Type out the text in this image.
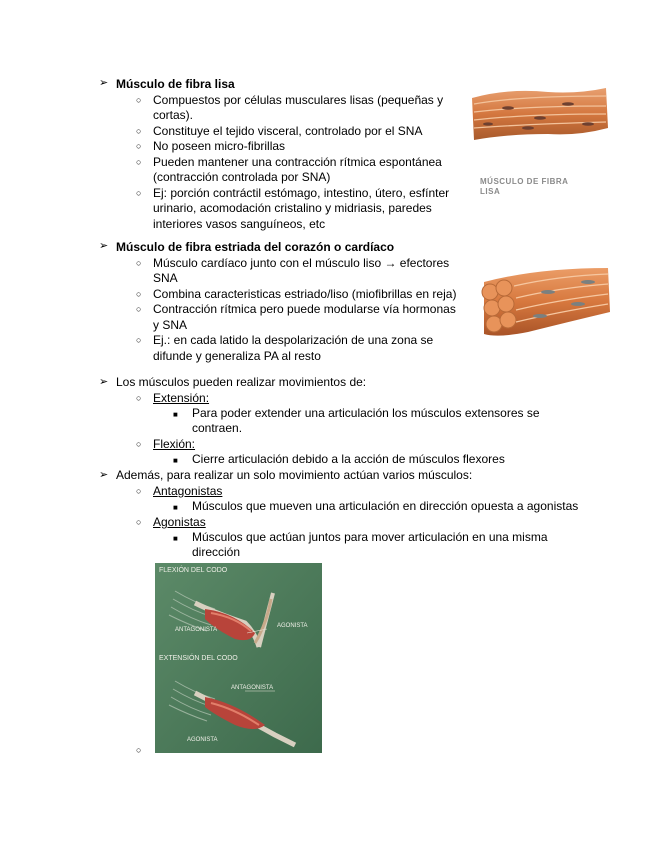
➢ Músculo de fibra lisa
○ Compuestos por células musculares lisas (pequeñas y
cortas).
○ Constituye el tejido visceral, controlado por el SNA
○ No poseen micro-fibrillas
○ Pueden mantener una contracción rítmica espontánea
(contracción controlada por SNA)
○ Ej: porción contráctil estómago, intestino, útero, esfínter
urinario, acomodación cristalino y midriasis, paredes
interiores vasos sanguíneos, etc
MÚSCULO DE FIBRA
LISA
➢ Músculo de fibra estriada del corazón o cardíaco
○ Músculo cardíaco junto con el músculo liso → efectores
SNA
○ Combina caracteristicas estriado/liso (miofibrillas en reja)
○ Contracción rítmica pero puede modularse vía hormonas
y SNA
○ Ej.: en cada latido la despolarización de una zona se
difunde y generaliza PA al resto
➢ Los músculos pueden realizar movimientos de:
○ Extensión:
■ Para poder extender una articulación los músculos extensores se
contraen.
○ Flexión:
■ Cierre articulación debido a la acción de músculos flexores
➢ Además, para realizar un solo movimiento actúan varios músculos:
○ Antagonistas
■ Músculos que mueven una articulación en dirección opuesta a agonistas
○ Agonistas
■ Músculos que actúan juntos para mover articulación en una misma
dirección
FLEXIÓN DEL CODO
ANTAGONISTA
AGONISTA
EXTENSIÓN DEL CODO
ANTAGONISTA
AGONISTA
○
